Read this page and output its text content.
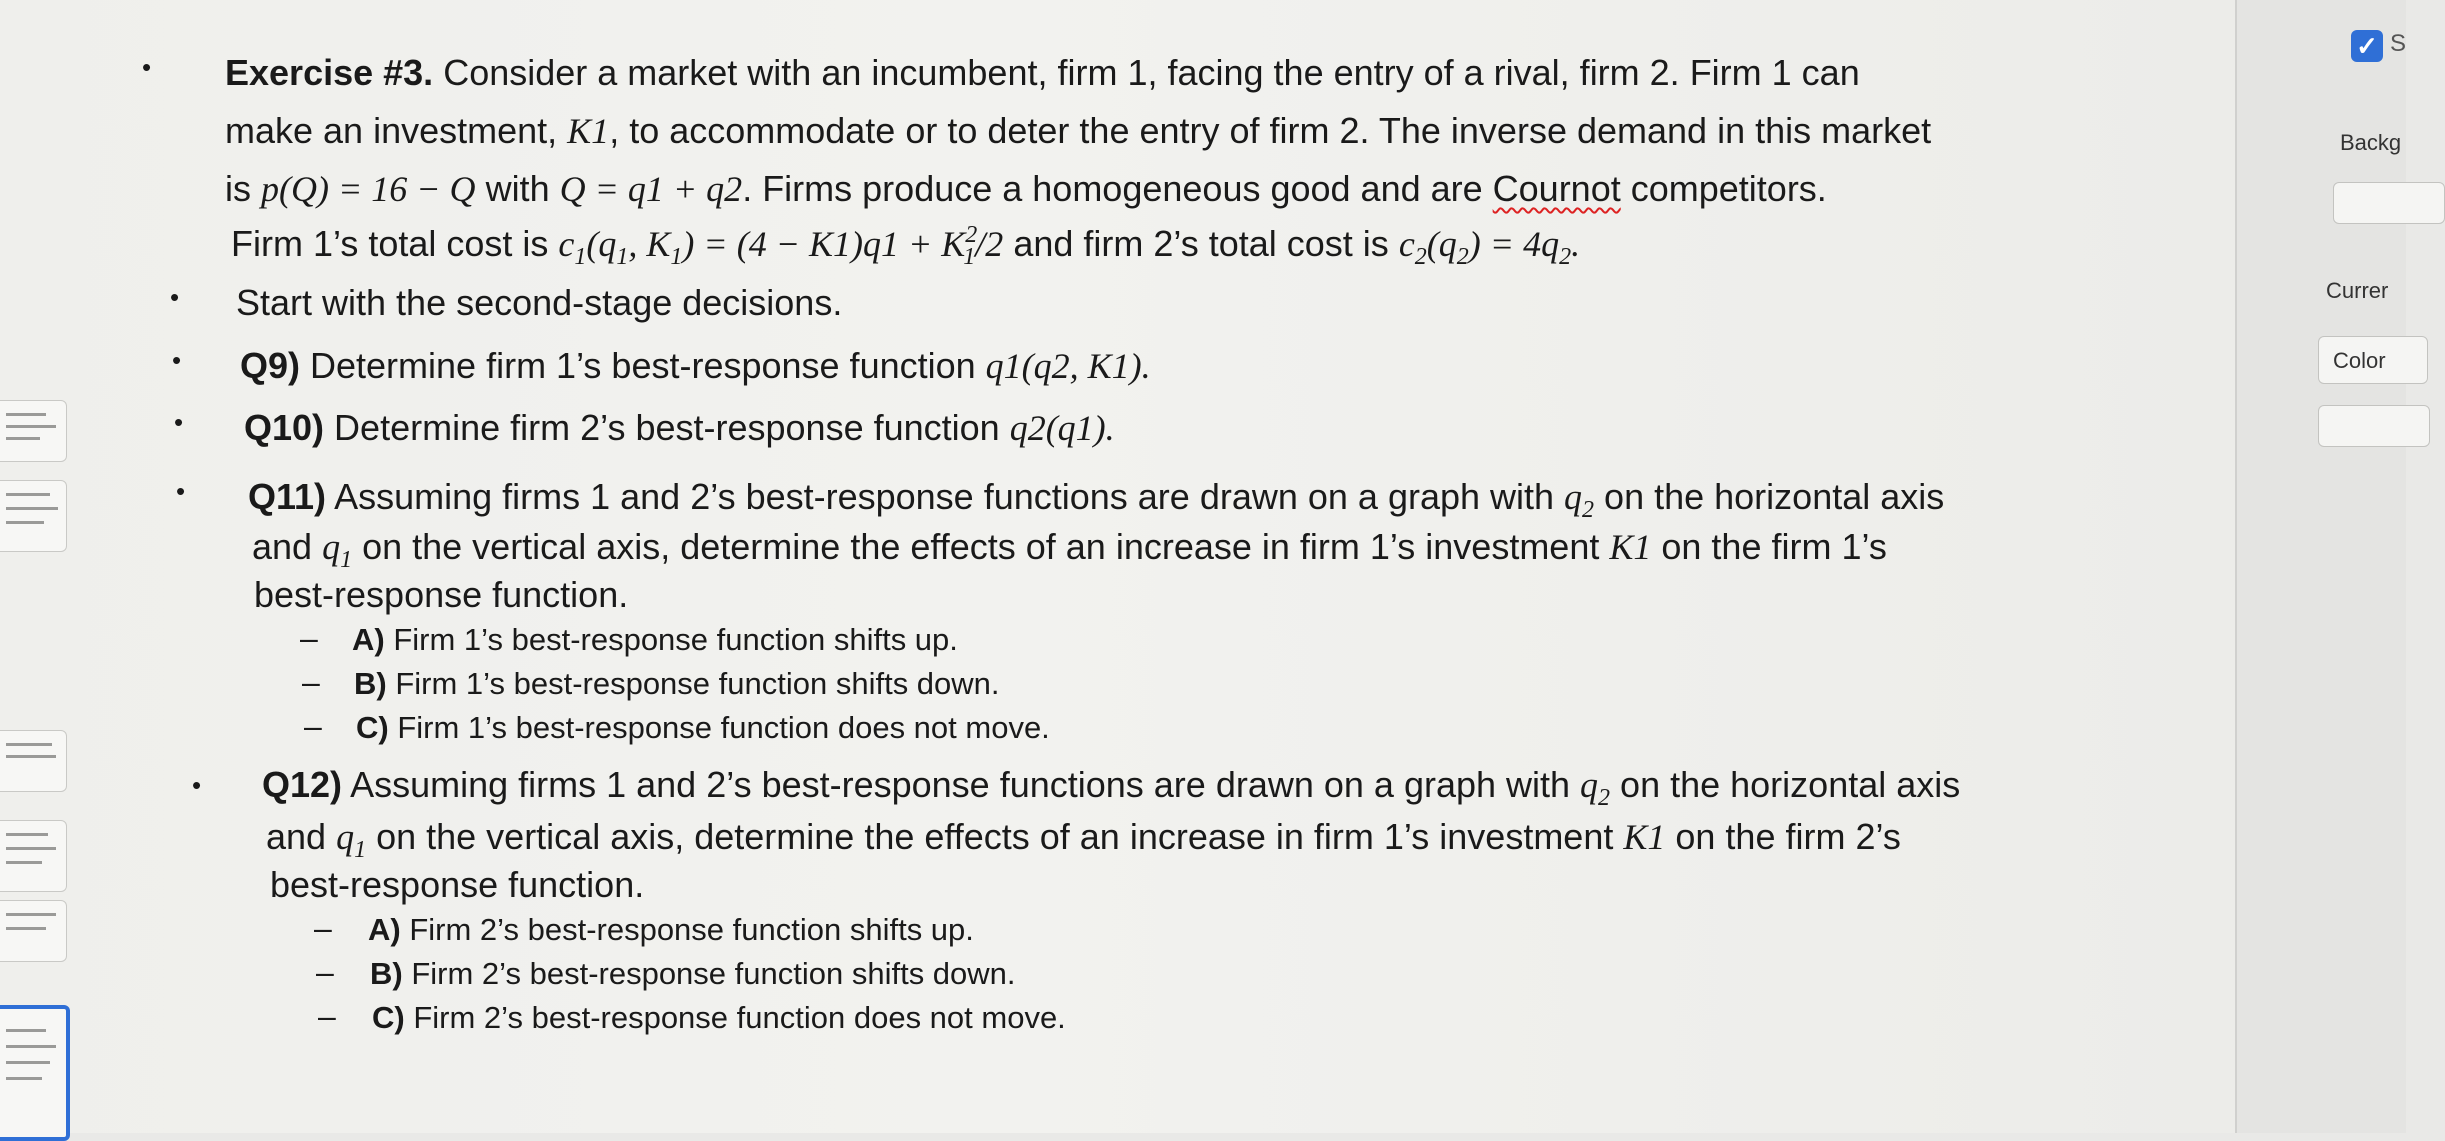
•
•
•
•
•
•
Exercise #3. Consider a market with an incumbent, firm 1, facing the entry of a rival, firm 2. Firm 1 can
make an investment, K1, to accommodate or to deter the entry of firm 2. The inverse demand in this market
is p(Q) = 16 − Q with Q = q1 + q2. Firms produce a homogeneous good and are Cournot competitors.
Firm 1’s total cost is $c_1(q_1$, $K_1) = (4 - K1)q1 + K^2_1/2$ and firm 2’s total cost is $c_2(q_2) = 4q_2$.
Start with the second-stage decisions.
Q9) Determine firm 1’s best-response function q1(q2, K1).
Q10) Determine firm 2’s best-response function q2(q1).
Q11) Assuming firms 1 and 2’s best-response functions are drawn on a graph with $q_2$ on the horizontal axis
and $q_1$ on the vertical axis, determine the effects of an increase in firm 1’s investment K1 on the firm 1’s
best-response function.
– A) Firm 1’s best-response function shifts up.
– B) Firm 1’s best-response function shifts down.
– C) Firm 1’s best-response function does not move.
Q12) Assuming firms 1 and 2’s best-response functions are drawn on a graph with $q_2$ on the horizontal axis
and $q_1$ on the vertical axis, determine the effects of an increase in firm 1’s investment K1 on the firm 2’s
best-response function.
– A) Firm 2’s best-response function shifts up.
– B) Firm 2’s best-response function shifts down.
– C) Firm 2’s best-response function does not move.
✓ S
Backg
Currer
Color
